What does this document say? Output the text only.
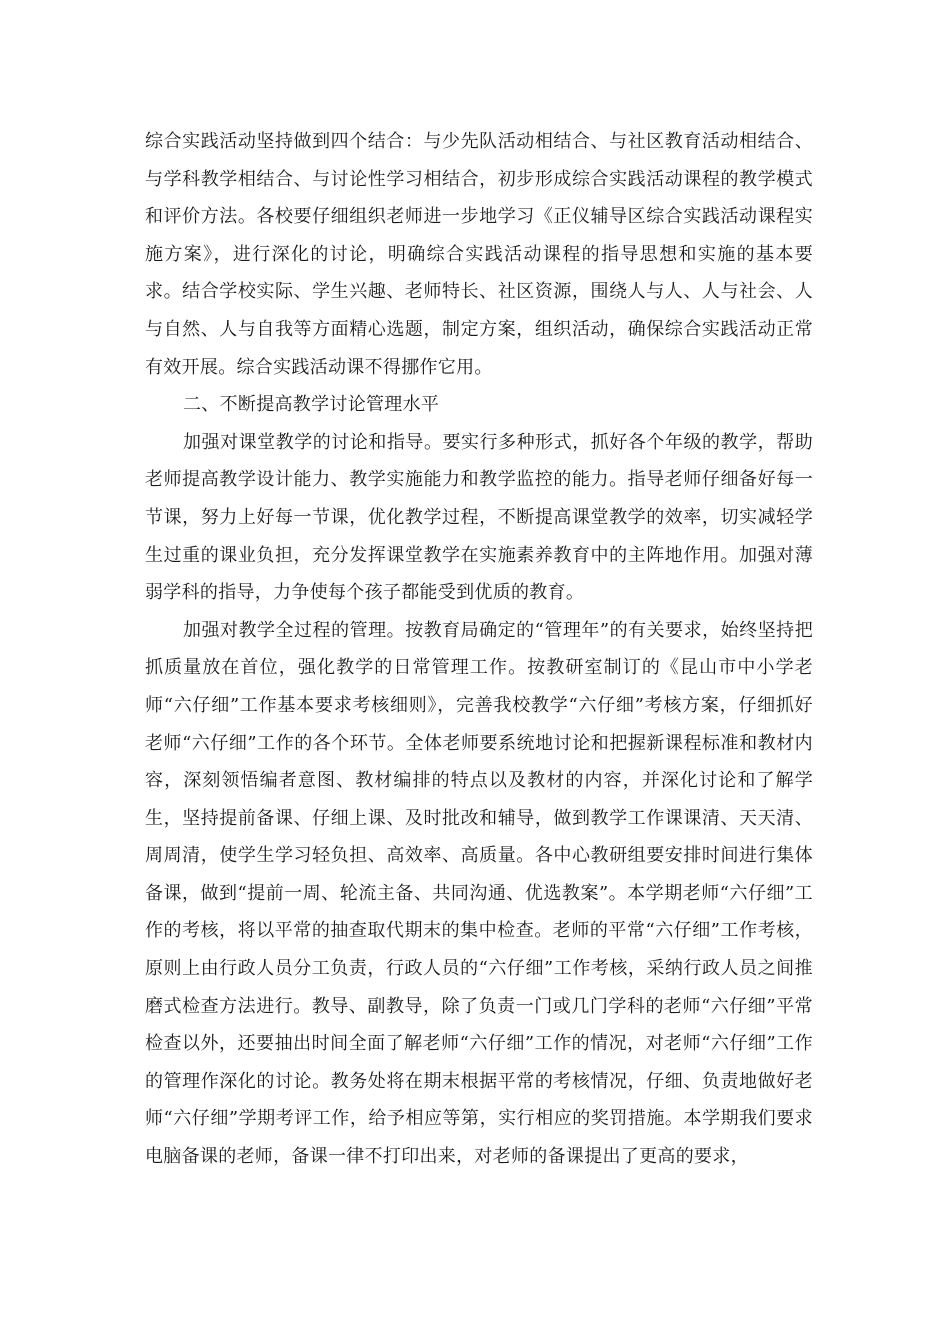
综合实践活动坚持做到四个结合：与少先队活动相结合、与社区教育活动相结合、与学科教学相结合、与讨论性学习相结合，初步形成综合实践活动课程的教学模式和评价方法。各校要仔细组织老师进一步地学习《正仪辅导区综合实践活动课程实施方案》，进行深化的讨论，明确综合实践活动课程的指导思想和实施的基本要求。结合学校实际、学生兴趣、老师特长、社区资源，围绕人与人、人与社会、人与自然、人与自我等方面精心选题，制定方案，组织活动，确保综合实践活动正常有效开展。综合实践活动课不得挪作它用。

二、不断提高教学讨论管理水平

加强对课堂教学的讨论和指导。要实行多种形式，抓好各个年级的教学，帮助老师提高教学设计能力、教学实施能力和教学监控的能力。指导老师仔细备好每一节课，努力上好每一节课，优化教学过程，不断提高课堂教学的效率，切实减轻学生过重的课业负担，充分发挥课堂教学在实施素养教育中的主阵地作用。加强对薄弱学科的指导，力争使每个孩子都能受到优质的教育。

加强对教学全过程的管理。按教育局确定的“管理年”的有关要求，始终坚持把抓质量放在首位，强化教学的日常管理工作。按教研室制订的《昆山市中小学老师“六仔细”工作基本要求考核细则》，完善我校教学“六仔细”考核方案，仔细抓好老师“六仔细”工作的各个环节。全体老师要系统地讨论和把握新课程标准和教材内容，深刻领悟编者意图、教材编排的特点以及教材的内容，并深化讨论和了解学生，坚持提前备课、仔细上课、及时批改和辅导，做到教学工作课课清、天天清、周周清，使学生学习轻负担、高效率、高质量。各中心教研组要安排时间进行集体备课，做到“提前一周、轮流主备、共同沟通、优选教案”。本学期老师“六仔细”工作的考核，将以平常的抽查取代期末的集中检查。老师的平常“六仔细”工作考核，原则上由行政人员分工负责，行政人员的“六仔细”工作考核，采纳行政人员之间推磨式检查方法进行。教导、副教导，除了负责一门或几门学科的老师“六仔细”平常检查以外，还要抽出时间全面了解老师“六仔细”工作的情况，对老师“六仔细”工作的管理作深化的讨论。教务处将在期末根据平常的考核情况，仔细、负责地做好老师“六仔细”学期考评工作，给予相应等第，实行相应的奖罚措施。本学期我们要求电脑备课的老师，备课一律不打印出来，对老师的备课提出了更高的要求，
